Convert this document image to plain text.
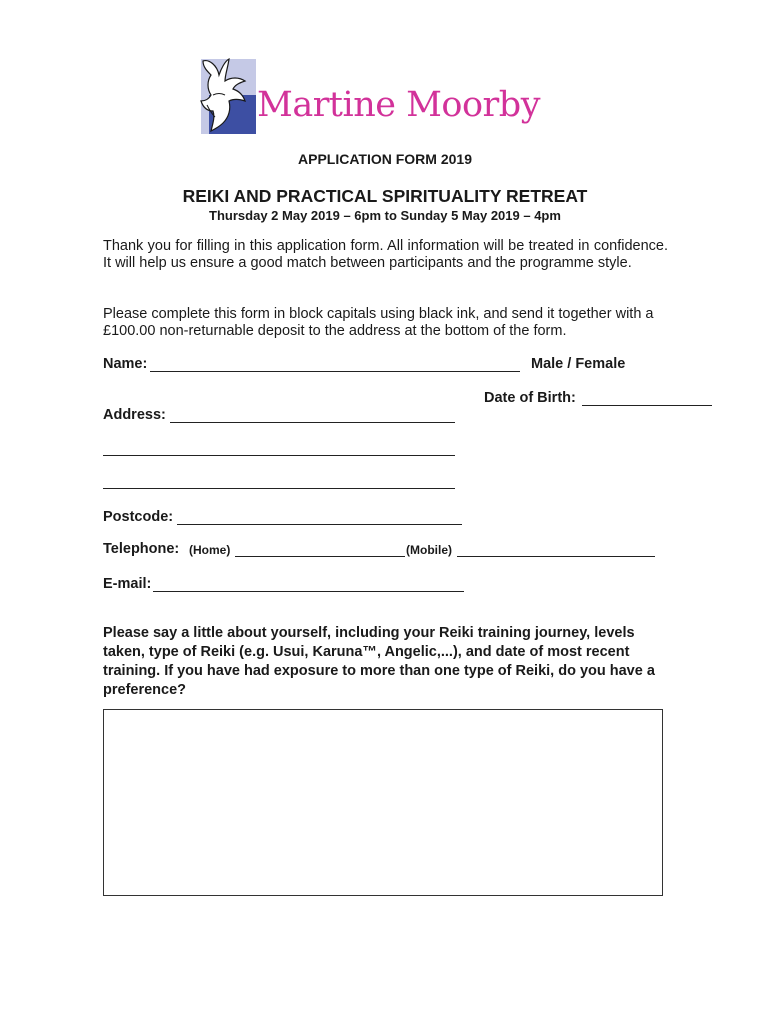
Martine Moorby
APPLICATION FORM 2019
REIKI AND PRACTICAL SPIRITUALITY RETREAT
Thursday 2 May 2019 – 6pm to Sunday 5 May 2019 – 4pm
Thank you for filling in this application form. All information will be treated in confidence. It will help us ensure a good match between participants and the programme style.
Please complete this form in block capitals using black ink, and send it together with a £100.00 non-returnable deposit to the address at the bottom of the form.
Name:	Male / Female
Date of Birth:
Address:
Postcode:
Telephone: (Home)	(Mobile)
E-mail:
Please say a little about yourself, including your Reiki training journey, levels taken, type of Reiki (e.g. Usui, Karuna™, Angelic,...), and date of most recent training. If you have had exposure to more than one type of Reiki, do you have a preference?
